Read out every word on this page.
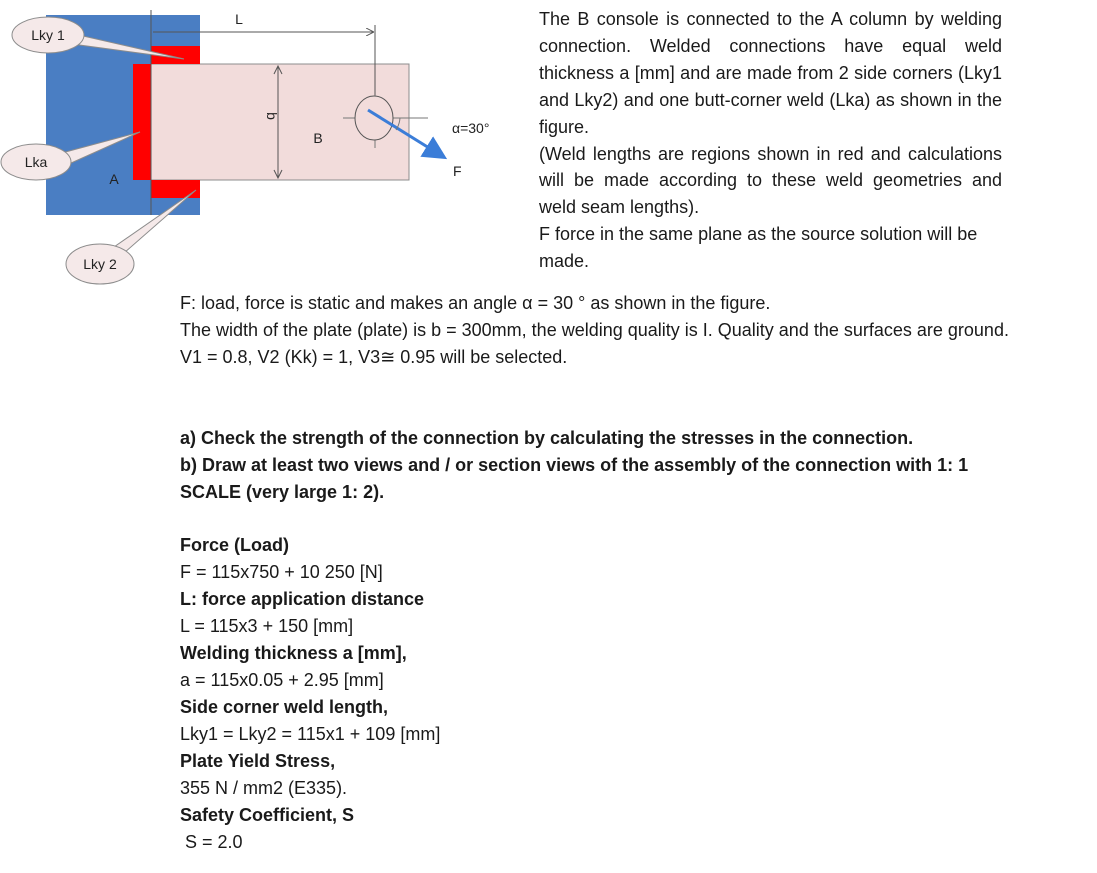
L
b
B
A
α=30°
F
Lky 1
Lka
Lky 2

The B console is connected to the A column by welding connection. Welded connections have equal weld thickness a [mm] and are made from 2 side corners (Lky1 and Lky2) and one butt-corner weld (Lka) as shown in the figure.

(Weld lengths are regions shown in red and calculations will be made according to these weld geometries and weld seam lengths).

F force in the same plane as the source solution will be made.

F: load, force is static and makes an angle α = 30 ° as shown in the figure.

The width of the plate (plate) is b = 300mm, the welding quality is I. Quality and the surfaces are ground.

V1 = 0.8, V2 (Kk) = 1, V3≅ 0.95 will be selected.

a) Check the strength of the connection by calculating the stresses in the connection.

b) Draw at least two views and / or section views of the assembly of the connection with 1: 1 SCALE (very large 1: 2).

Force (Load)

F = 115x750 + 10 250 [N]

L: force application distance

L = 115x3 + 150 [mm]

Welding thickness a [mm],

a = 115x0.05 + 2.95 [mm]

Side corner weld length,

Lky1 = Lky2 = 115x1 + 109 [mm]

Plate Yield Stress,

355 N / mm2 (E335).

Safety Coefficient, S

S = 2.0
